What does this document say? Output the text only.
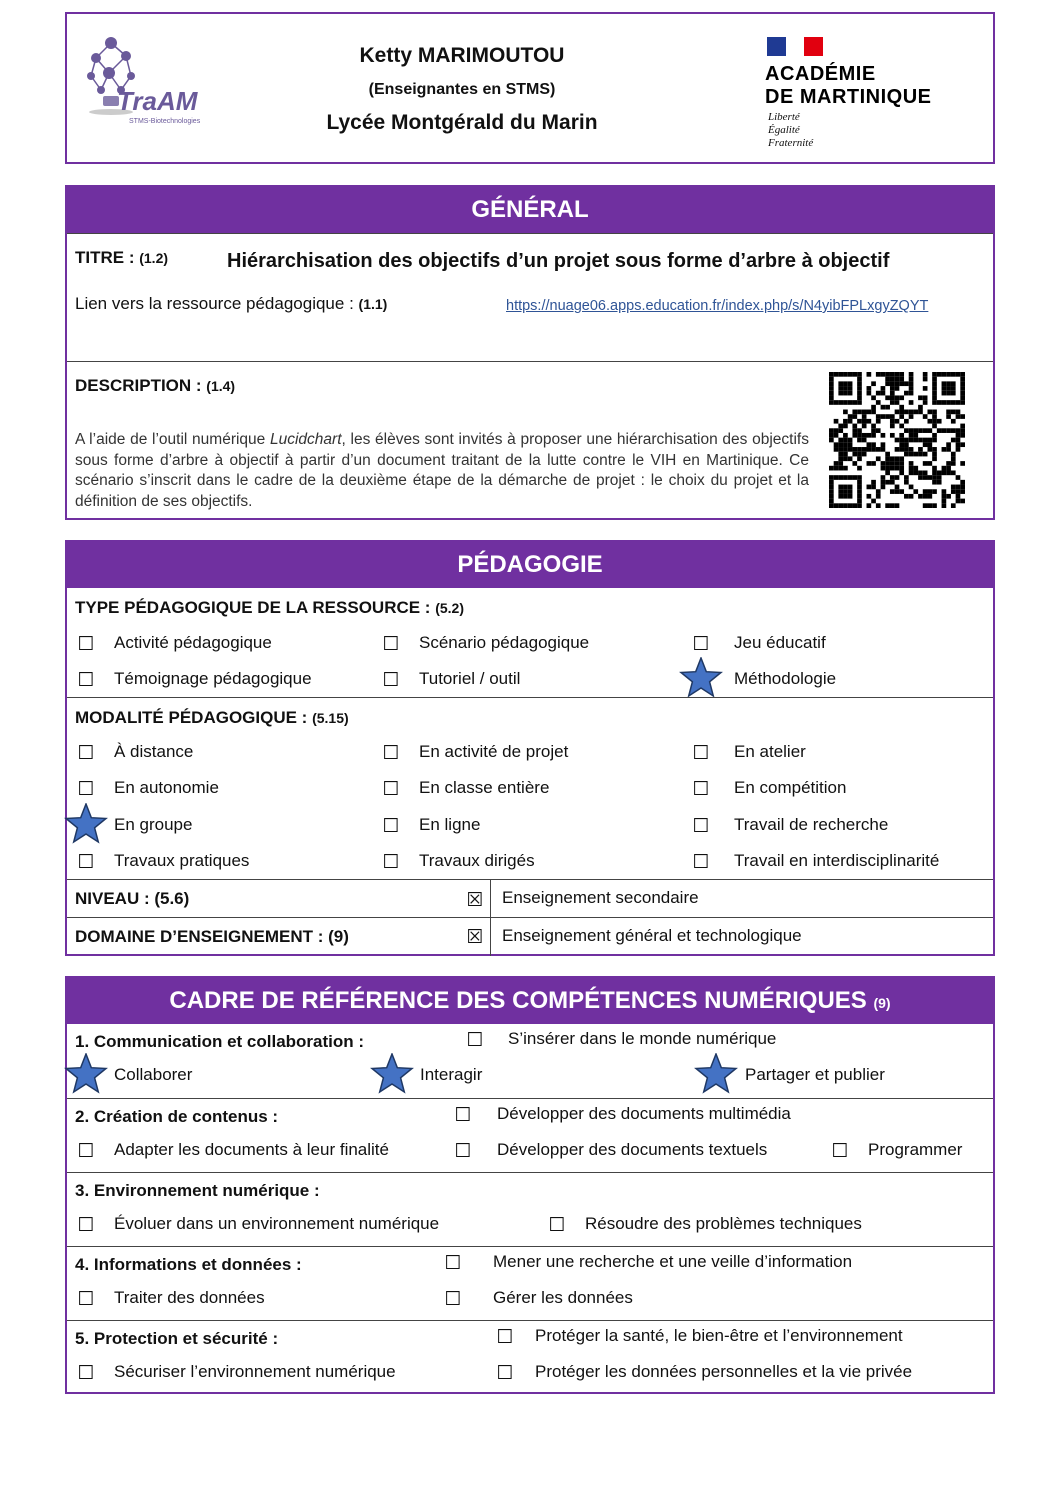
TraAM
STMS-Biotechnologies
Ketty MARIMOUTOU
(Enseignantes en STMS)
Lycée Montgérald du Marin
ACADÉMIE
DE MARTINIQUE
Liberté
Égalité
Fraternité
GÉNÉRAL
TITRE : (1.2)	Hiérarchisation des objectifs d’un projet sous forme d’arbre à objectif
Lien vers la ressource pédagogique : (1.1)	https://nuage06.apps.education.fr/index.php/s/N4yibFPLxgyZQYT
DESCRIPTION : (1.4)
A l’aide de l’outil numérique Lucidchart, les élèves sont invités à proposer une hiérarchisation des objectifs sous forme d’arbre à objectif à partir d’un document traitant de la lutte contre le VIH en Martinique. Ce scénario s’inscrit dans le cadre de la deuxième étape de la démarche de projet : le choix du projet et la définition de ses objectifs.
PÉDAGOGIE
TYPE PÉDAGOGIQUE DE LA RESSOURCE : (5.2)
☐ Activité pédagogique	☐ Scénario pédagogique	☐ Jeu éducatif
☐ Témoignage pédagogique	☐ Tutoriel / outil	Méthodologie
MODALITÉ PÉDAGOGIQUE : (5.15)
☐ À distance	☐ En activité de projet	☐ En atelier
☐ En autonomie	☐ En classe entière	☐ En compétition
En groupe	☐ En ligne	☐ Travail de recherche
☐ Travaux pratiques	☐ Travaux dirigés	☐ Travail en interdisciplinarité
NIVEAU : (5.6)	☒ Enseignement secondaire
DOMAINE D’ENSEIGNEMENT : (9)	☒ Enseignement général et technologique
CADRE DE RÉFÉRENCE DES COMPÉTENCES NUMÉRIQUES (9)
1. Communication et collaboration :	☐ S’insérer dans le monde numérique
Collaborer	Interagir	Partager et publier
2. Création de contenus :	☐ Développer des documents multimédia
☐ Adapter les documents à leur finalité	☐ Développer des documents textuels	☐ Programmer
3. Environnement numérique :
☐ Évoluer dans un environnement numérique	☐ Résoudre des problèmes techniques
4. Informations et données :	☐ Mener une recherche et une veille d’information
☐ Traiter des données	☐ Gérer les données
5. Protection et sécurité :	☐ Protéger la santé, le bien-être et l’environnement
☐ Sécuriser l’environnement numérique	☐ Protéger les données personnelles et la vie privée
